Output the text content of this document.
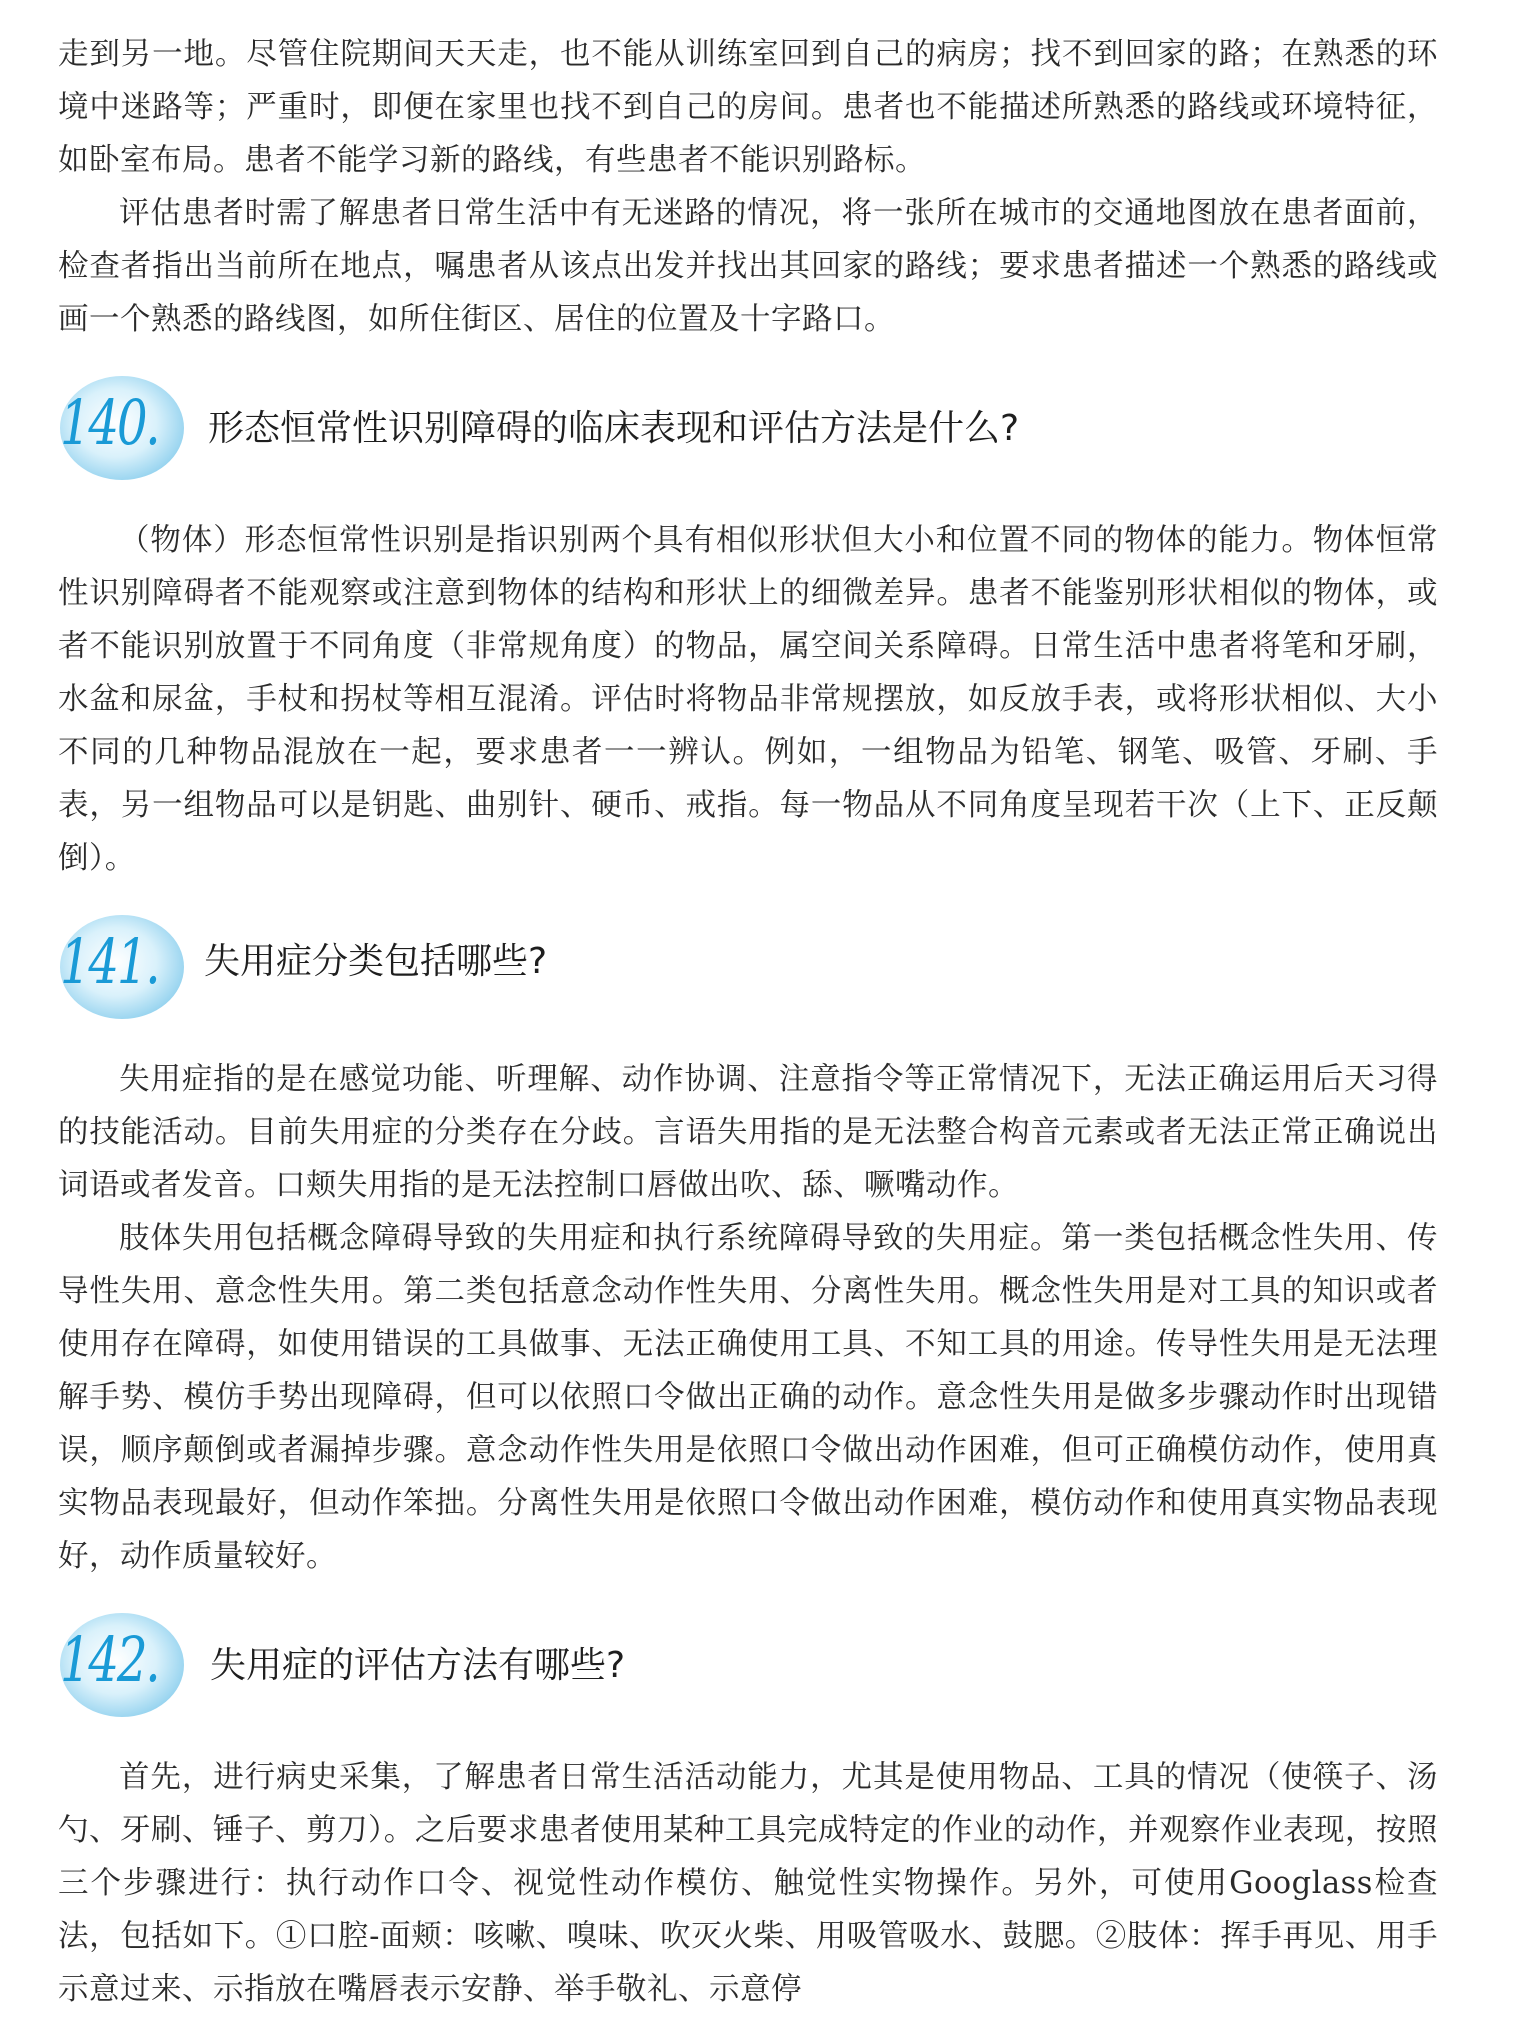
走到另一地。尽管住院期间天天走，也不能从训练室回到自己的病房；找不到回家的路；在熟悉的环境中迷路等；严重时，即便在家里也找不到自己的房间。患者也不能描述所熟悉的路线或环境特征，如卧室布局。患者不能学习新的路线，有些患者不能识别路标。

评估患者时需了解患者日常生活中有无迷路的情况，将一张所在城市的交通地图放在患者面前，检查者指出当前所在地点，嘱患者从该点出发并找出其回家的路线；要求患者描述一个熟悉的路线或画一个熟悉的路线图，如所住街区、居住的位置及十字路口。

140.	形态恒常性识别障碍的临床表现和评估方法是什么?

（物体）形态恒常性识别是指识别两个具有相似形状但大小和位置不同的物体的能力。物体恒常性识别障碍者不能观察或注意到物体的结构和形状上的细微差异。患者不能鉴别形状相似的物体，或者不能识别放置于不同角度（非常规角度）的物品，属空间关系障碍。日常生活中患者将笔和牙刷，水盆和尿盆，手杖和拐杖等相互混淆。评估时将物品非常规摆放，如反放手表，或将形状相似、大小不同的几种物品混放在一起，要求患者一一辨认。例如，一组物品为铅笔、钢笔、吸管、牙刷、手表，另一组物品可以是钥匙、曲别针、硬币、戒指。每一物品从不同角度呈现若干次（上下、正反颠倒）。

141.	失用症分类包括哪些?

失用症指的是在感觉功能、听理解、动作协调、注意指令等正常情况下，无法正确运用后天习得的技能活动。目前失用症的分类存在分歧。言语失用指的是无法整合构音元素或者无法正常正确说出词语或者发音。口颊失用指的是无法控制口唇做出吹、舔、噘嘴动作。

肢体失用包括概念障碍导致的失用症和执行系统障碍导致的失用症。第一类包括概念性失用、传导性失用、意念性失用。第二类包括意念动作性失用、分离性失用。概念性失用是对工具的知识或者使用存在障碍，如使用错误的工具做事、无法正确使用工具、不知工具的用途。传导性失用是无法理解手势、模仿手势出现障碍，但可以依照口令做出正确的动作。意念性失用是做多步骤动作时出现错误，顺序颠倒或者漏掉步骤。意念动作性失用是依照口令做出动作困难，但可正确模仿动作，使用真实物品表现最好，但动作笨拙。分离性失用是依照口令做出动作困难，模仿动作和使用真实物品表现好，动作质量较好。

142.	失用症的评估方法有哪些?

首先，进行病史采集，了解患者日常生活活动能力，尤其是使用物品、工具的情况（使筷子、汤勺、牙刷、锤子、剪刀）。之后要求患者使用某种工具完成特定的作业的动作，并观察作业表现，按照三个步骤进行：执行动作口令、视觉性动作模仿、触觉性实物操作。另外，可使用Googlass检查法，包括如下。①口腔-面颊：咳嗽、嗅味、吹灭火柴、用吸管吸水、鼓腮。②肢体：挥手再见、用手示意过来、示指放在嘴唇表示安静、举手敬礼、示意停
